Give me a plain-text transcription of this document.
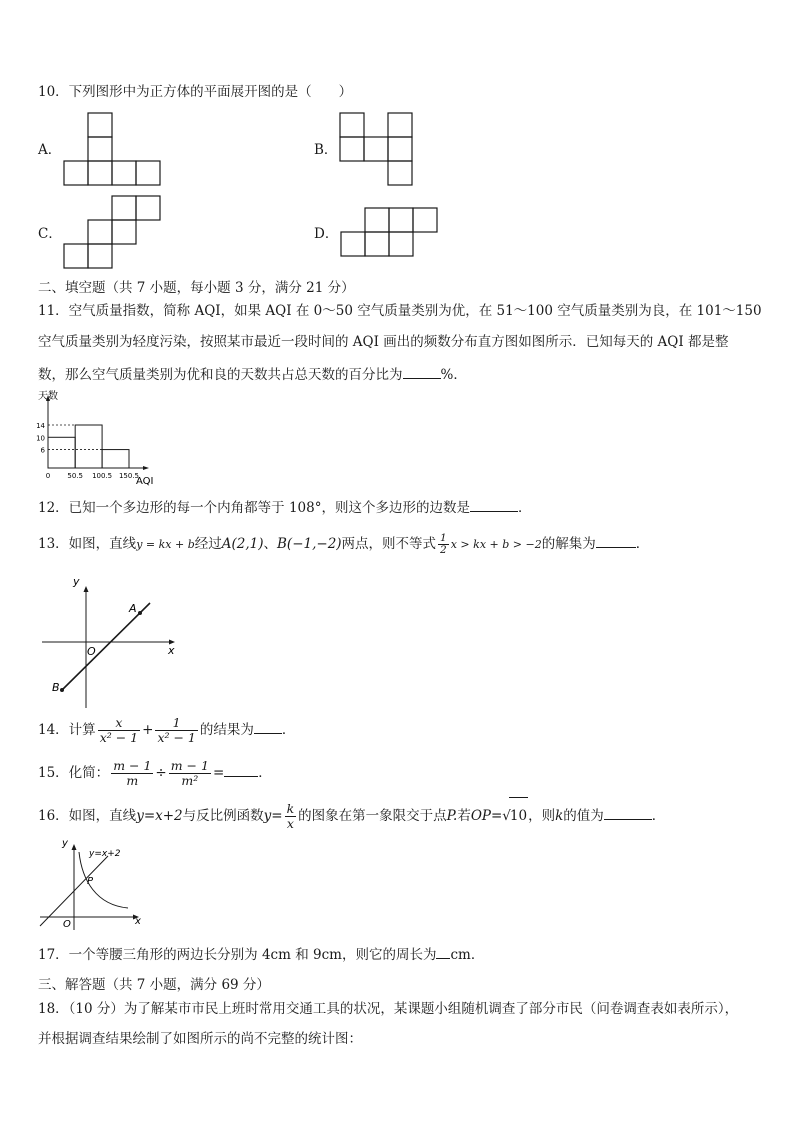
10．下列图形中为正方体的平面展开图的是（　　）
A．	B．
C．	D．
二、填空题（共 7 小题，每小题 3 分，满分 21 分）
11．空气质量指数，简称 AQI，如果 AQI 在 0～50 空气质量类别为优，在 51～100 空气质量类别为良，在 101～150
空气质量类别为轻度污染，按照某市最近一段时间的 AQI 画出的频数分布直方图如图所示．已知每天的 AQI 都是整
数，那么空气质量类别为优和良的天数共占总天数的百分比为	%．
天数
AQI
0 50.5 100.5 150.5
6
10
14
12．已知一个多边形的每一个内角都等于 108°，则这个多边形的边数是	．
13．如图，直线y = kx + b经过A(2,1)、B(−1,−2)两点，则不等式 $\frac{1}{2}$ x > kx + b > −2的解集为	．
y
x
O
A
B
14．计算 $\frac{x}{\text{x² − 1}} + \frac{1}{\text{x² − 1}}$ 的结果为 ．
15．化简： $\frac{m - 1}{m} \div \frac{m - 1}{\text{m²}}$ =	．
16．如图，直线y=x+2与反比例函数$y= \frac{k}{x}$ 的图象在第一象限交于点P.若OP=√10，则k的值为	．
y
y=x+2
P
O	x
17．一个等腰三角形的两边长分别为 4cm 和 9cm，则它的周长为 cm．
三、解答题（共 7 小题，满分 69 分）
18．（10 分）为了解某市市民上班时常用交通工具的状况，某课题小组随机调查了部分市民（问卷调查表如表所示），
并根据调查结果绘制了如图所示的尚不完整的统计图：
